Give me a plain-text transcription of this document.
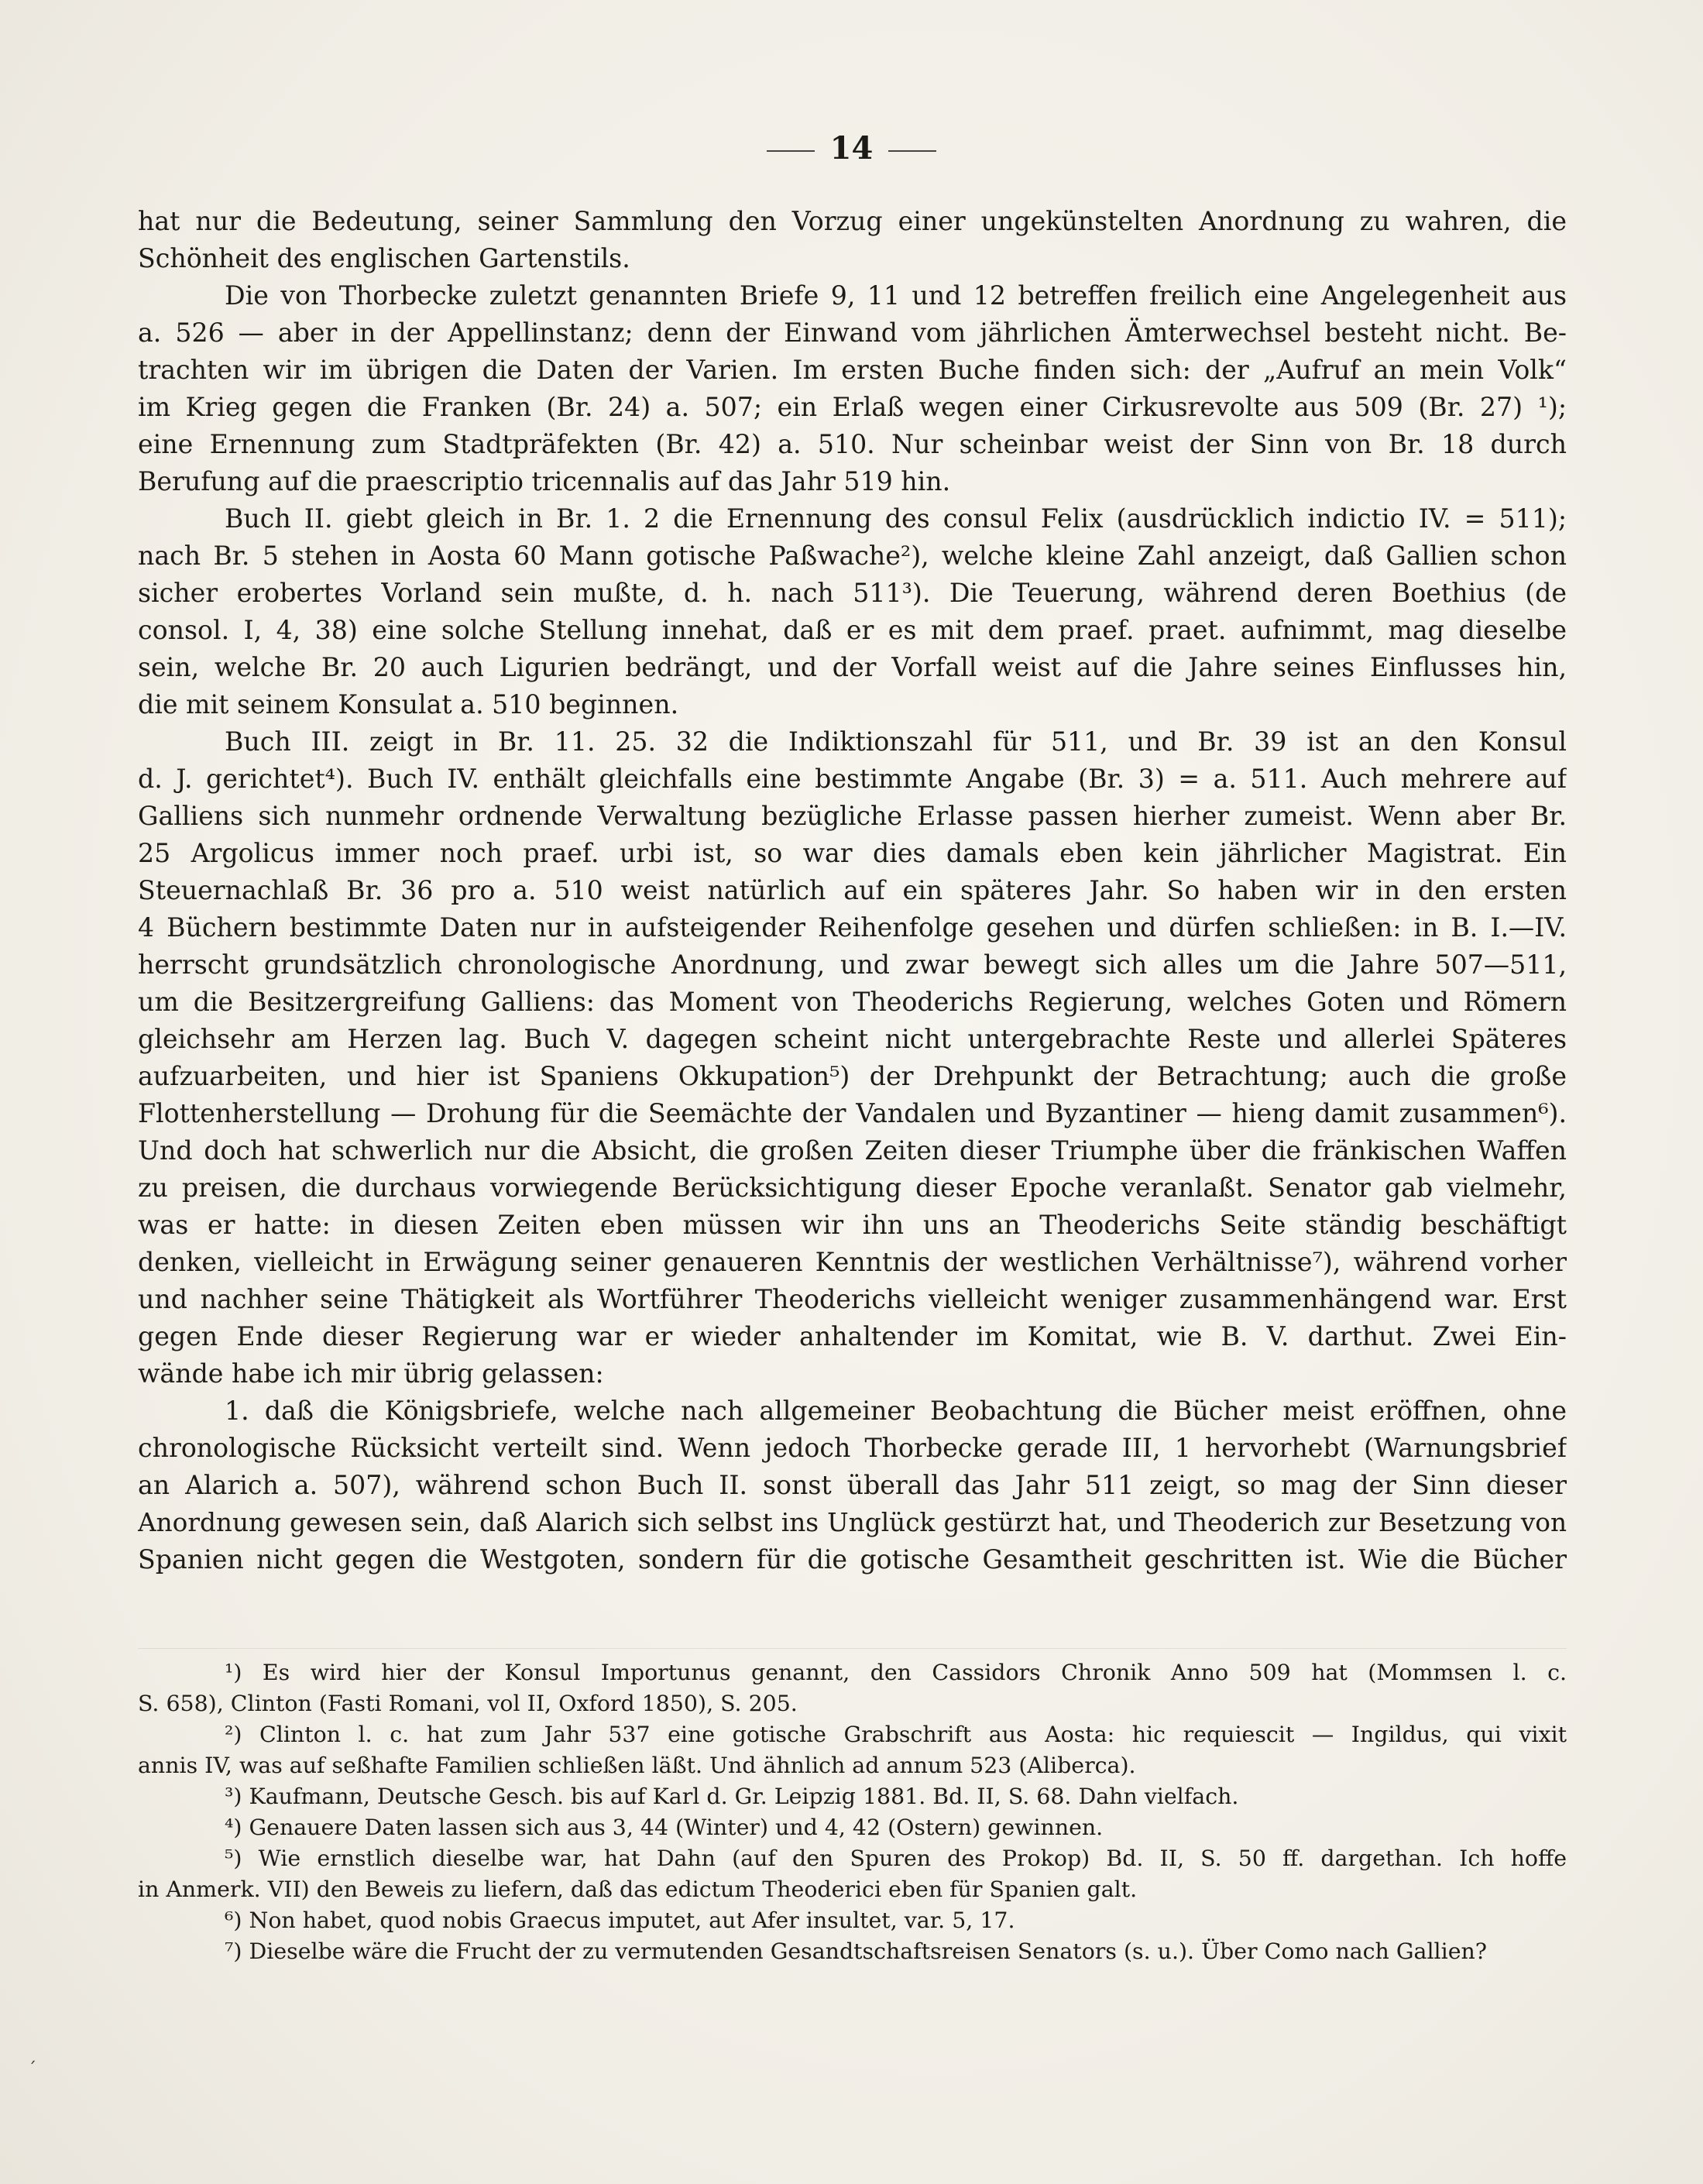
14
hat nur die Bedeutung, seiner Sammlung den Vorzug einer ungekünstelten Anordnung zu wahren, die
Schönheit des englischen Gartenstils.
Die von Thorbecke zuletzt genannten Briefe 9, 11 und 12 betreffen freilich eine Angelegenheit aus
a. 526 — aber in der Appellinstanz; denn der Einwand vom jährlichen Ämterwechsel besteht nicht. Be-
trachten wir im übrigen die Daten der Varien. Im ersten Buche finden sich: der „Aufruf an mein Volk“
im Krieg gegen die Franken (Br. 24) a. 507; ein Erlaß wegen einer Cirkusrevolte aus 509 (Br. 27) ¹);
eine Ernennung zum Stadtpräfekten (Br. 42) a. 510. Nur scheinbar weist der Sinn von Br. 18 durch
Berufung auf die praescriptio tricennalis auf das Jahr 519 hin.
Buch II. giebt gleich in Br. 1. 2 die Ernennung des consul Felix (ausdrücklich indictio IV. = 511);
nach Br. 5 stehen in Aosta 60 Mann gotische Paßwache²), welche kleine Zahl anzeigt, daß Gallien schon
sicher erobertes Vorland sein mußte, d. h. nach 511³). Die Teuerung, während deren Boethius (de
consol. I, 4, 38) eine solche Stellung innehat, daß er es mit dem praef. praet. aufnimmt, mag dieselbe
sein, welche Br. 20 auch Ligurien bedrängt, und der Vorfall weist auf die Jahre seines Einflusses hin,
die mit seinem Konsulat a. 510 beginnen.
Buch III. zeigt in Br. 11. 25. 32 die Indiktionszahl für 511, und Br. 39 ist an den Konsul
d. J. gerichtet⁴). Buch IV. enthält gleichfalls eine bestimmte Angabe (Br. 3) = a. 511. Auch mehrere auf
Galliens sich nunmehr ordnende Verwaltung bezügliche Erlasse passen hierher zumeist. Wenn aber Br.
25 Argolicus immer noch praef. urbi ist, so war dies damals eben kein jährlicher Magistrat. Ein
Steuernachlaß Br. 36 pro a. 510 weist natürlich auf ein späteres Jahr. So haben wir in den ersten
4 Büchern bestimmte Daten nur in aufsteigender Reihenfolge gesehen und dürfen schließen: in B. I.—IV.
herrscht grundsätzlich chronologische Anordnung, und zwar bewegt sich alles um die Jahre 507—511,
um die Besitzergreifung Galliens: das Moment von Theoderichs Regierung, welches Goten und Römern
gleichsehr am Herzen lag. Buch V. dagegen scheint nicht untergebrachte Reste und allerlei Späteres
aufzuarbeiten, und hier ist Spaniens Okkupation⁵) der Drehpunkt der Betrachtung; auch die große
Flottenherstellung — Drohung für die Seemächte der Vandalen und Byzantiner — hieng damit zusammen⁶).
Und doch hat schwerlich nur die Absicht, die großen Zeiten dieser Triumphe über die fränkischen Waffen
zu preisen, die durchaus vorwiegende Berücksichtigung dieser Epoche veranlaßt. Senator gab vielmehr,
was er hatte: in diesen Zeiten eben müssen wir ihn uns an Theoderichs Seite ständig beschäftigt
denken, vielleicht in Erwägung seiner genaueren Kenntnis der westlichen Verhältnisse⁷), während vorher
und nachher seine Thätigkeit als Wortführer Theoderichs vielleicht weniger zusammenhängend war. Erst
gegen Ende dieser Regierung war er wieder anhaltender im Komitat, wie B. V. darthut. Zwei Ein-
wände habe ich mir übrig gelassen:
1. daß die Königsbriefe, welche nach allgemeiner Beobachtung die Bücher meist eröffnen, ohne
chronologische Rücksicht verteilt sind. Wenn jedoch Thorbecke gerade III, 1 hervorhebt (Warnungsbrief
an Alarich a. 507), während schon Buch II. sonst überall das Jahr 511 zeigt, so mag der Sinn dieser
Anordnung gewesen sein, daß Alarich sich selbst ins Unglück gestürzt hat, und Theoderich zur Besetzung von
Spanien nicht gegen die Westgoten, sondern für die gotische Gesamtheit geschritten ist. Wie die Bücher
¹) Es wird hier der Konsul Importunus genannt, den Cassidors Chronik Anno 509 hat (Mommsen l. c.
S. 658), Clinton (Fasti Romani, vol II, Oxford 1850), S. 205.
²) Clinton l. c. hat zum Jahr 537 eine gotische Grabschrift aus Aosta: hic requiescit — Ingildus, qui vixit
annis IV, was auf seßhafte Familien schließen läßt. Und ähnlich ad annum 523 (Aliberca).
³) Kaufmann, Deutsche Gesch. bis auf Karl d. Gr. Leipzig 1881. Bd. II, S. 68. Dahn vielfach.
⁴) Genauere Daten lassen sich aus 3, 44 (Winter) und 4, 42 (Ostern) gewinnen.
⁵) Wie ernstlich dieselbe war, hat Dahn (auf den Spuren des Prokop) Bd. II, S. 50 ff. dargethan. Ich hoffe
in Anmerk. VII) den Beweis zu liefern, daß das edictum Theoderici eben für Spanien galt.
⁶) Non habet, quod nobis Graecus imputet, aut Afer insultet, var. 5, 17.
⁷) Dieselbe wäre die Frucht der zu vermutenden Gesandtschaftsreisen Senators (s. u.). Über Como nach Gallien?
ˊ
